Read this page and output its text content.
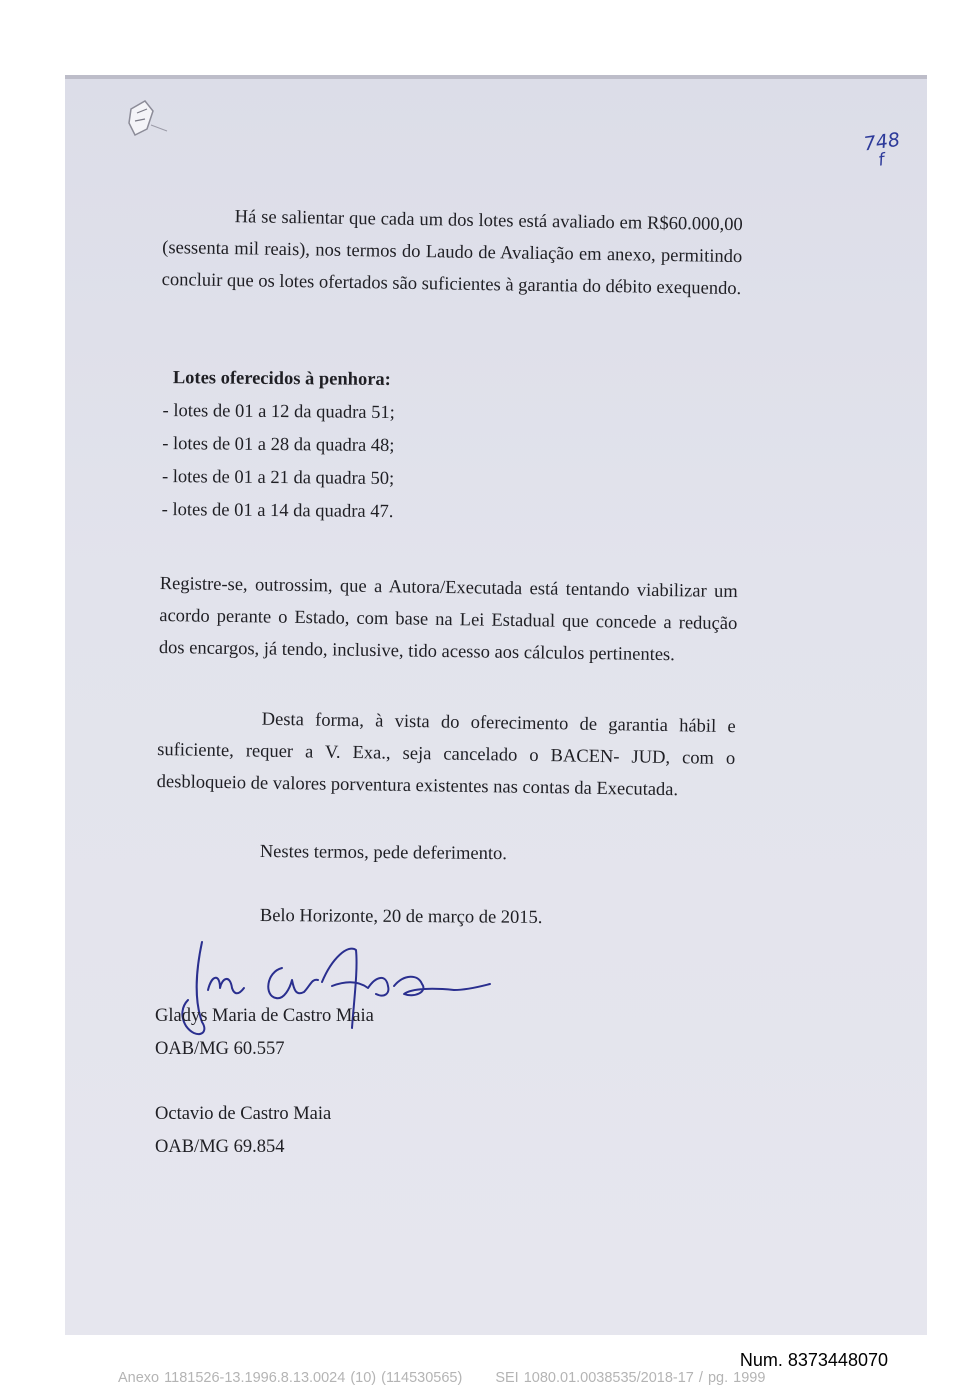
748
f

Há se salientar que cada um dos lotes está avaliado em R$60.000,00 (sessenta mil reais), nos termos do Laudo de Avaliação em anexo, permitindo concluir que os lotes ofertados são suficientes à garantia do débito exequendo.

Lotes oferecidos à penhora:
- lotes de 01 a 12 da quadra 51;
- lotes de 01 a 28 da quadra 48;
- lotes de 01 a 21 da quadra 50;
- lotes de 01 a 14 da quadra 47.

Registre-se, outrossim, que a Autora/Executada está tentando viabilizar um acordo perante o Estado, com base na Lei Estadual que concede a redução dos encargos, já tendo, inclusive, tido acesso aos cálculos pertinentes.

Desta forma, à vista do oferecimento de garantia hábil e suficiente, requer a V. Exa., seja cancelado o BACEN- JUD, com o desbloqueio de valores porventura existentes nas contas da Executada.

Nestes termos, pede deferimento.
Belo Horizonte, 20 de março de 2015.
Gladys Maria de Castro Maia
OAB/MG 60.557
Octavio de Castro Maia
OAB/MG 69.854
Num. 8373448070
Anexo 1181526-13.1996.8.13.0024 (10) (114530565) SEI 1080.01.0038535/2018-17 / pg. 1999
